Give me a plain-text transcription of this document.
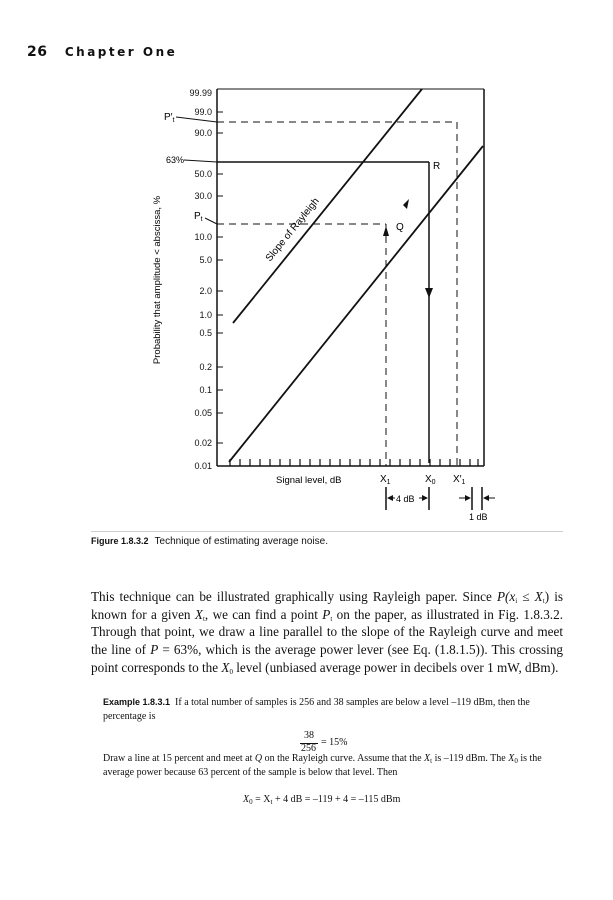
26 Chapter One
99.99
99.0
90.0
50.0
30.0
10.0
5.0
2.0
1.0
0.5
0.2
0.1
0.05
0.02
0.01
Probability that amplitude < abscissa, %
$P'_t$
63%
$P_t$	Slope of Rayleigh	Q
R
Signal level, dB	$X_1$	$X_0$ $X'_1$
4 dB
1 dB
Figure 1.8.3.2 Technique of estimating average noise.
This technique can be illustrated graphically using Rayleigh paper. Since $P(x_i \le X_t)$ is known for a given $X_t$, we can find a point $P_t$ on the paper, as illustrated in Fig. 1.8.3.2. Through that point, we draw a line parallel to the slope of the Rayleigh curve and meet the line of P = 63%, which is the average power lever (see Eq. (1.8.1.5)). This crossing point corresponds to the $X_0$ level (unbiased average power in decibels over 1 mW, dBm).
Example 1.8.3.1 If a total number of samples is 256 and 38 samples are below a level –119 dBm, then the percentage is
38
256
= 15%
Draw a line at 15 percent and meet at Q on the Rayleigh curve. Assume that the $X_t$ is –119 dBm. The $X_0$ is the average power because 63 percent of the sample is below that level. Then
$X_0 = X_t + 4$ dB = –119 + 4 = –115 dBm
